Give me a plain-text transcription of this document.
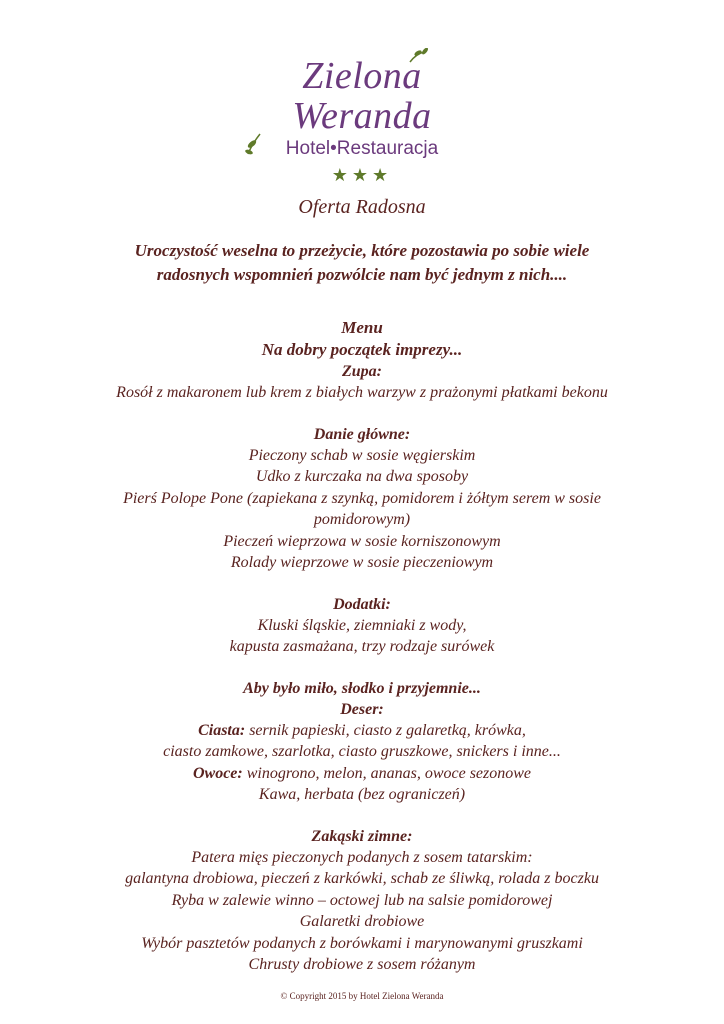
Zielona Weranda
Hotel•Restauracja
★★★
Oferta Radosna
Uroczystość weselna to przeżycie, które pozostawia po sobie wiele
radosnych wspomnień pozwólcie nam być jednym z nich....
Menu
Na dobry początek imprezy...
Zupa:
Rosół z makaronem lub krem z białych warzyw z prażonymi płatkami bekonu
Danie główne:
Pieczony schab w sosie węgierskim
Udko z kurczaka na dwa sposoby
Pierś Polope Pone (zapiekana z szynką, pomidorem i żółtym serem w sosie
pomidorowym)
Pieczeń wieprzowa w sosie korniszonowym
Rolady wieprzowe w sosie pieczeniowym
Dodatki:
Kluski śląskie, ziemniaki z wody,
kapusta zasmażana, trzy rodzaje surówek
Aby było miło, słodko i przyjemnie...
Deser:
Ciasta: sernik papieski, ciasto z galaretką, krówka,
ciasto zamkowe, szarlotka, ciasto gruszkowe, snickers i inne...
Owoce: winogrono, melon, ananas, owoce sezonowe
Kawa, herbata (bez ograniczeń)
Zakąski zimne:
Patera mięs pieczonych podanych z sosem tatarskim:
galantyna drobiowa, pieczeń z karkówki, schab ze śliwką, rolada z boczku
Ryba w zalewie winno – octowej lub na salsie pomidorowej
Galaretki drobiowe
Wybór pasztetów podanych z borówkami i marynowanymi gruszkami
Chrusty drobiowe z sosem różanym
© Copyright 2015 by Hotel Zielona Weranda
